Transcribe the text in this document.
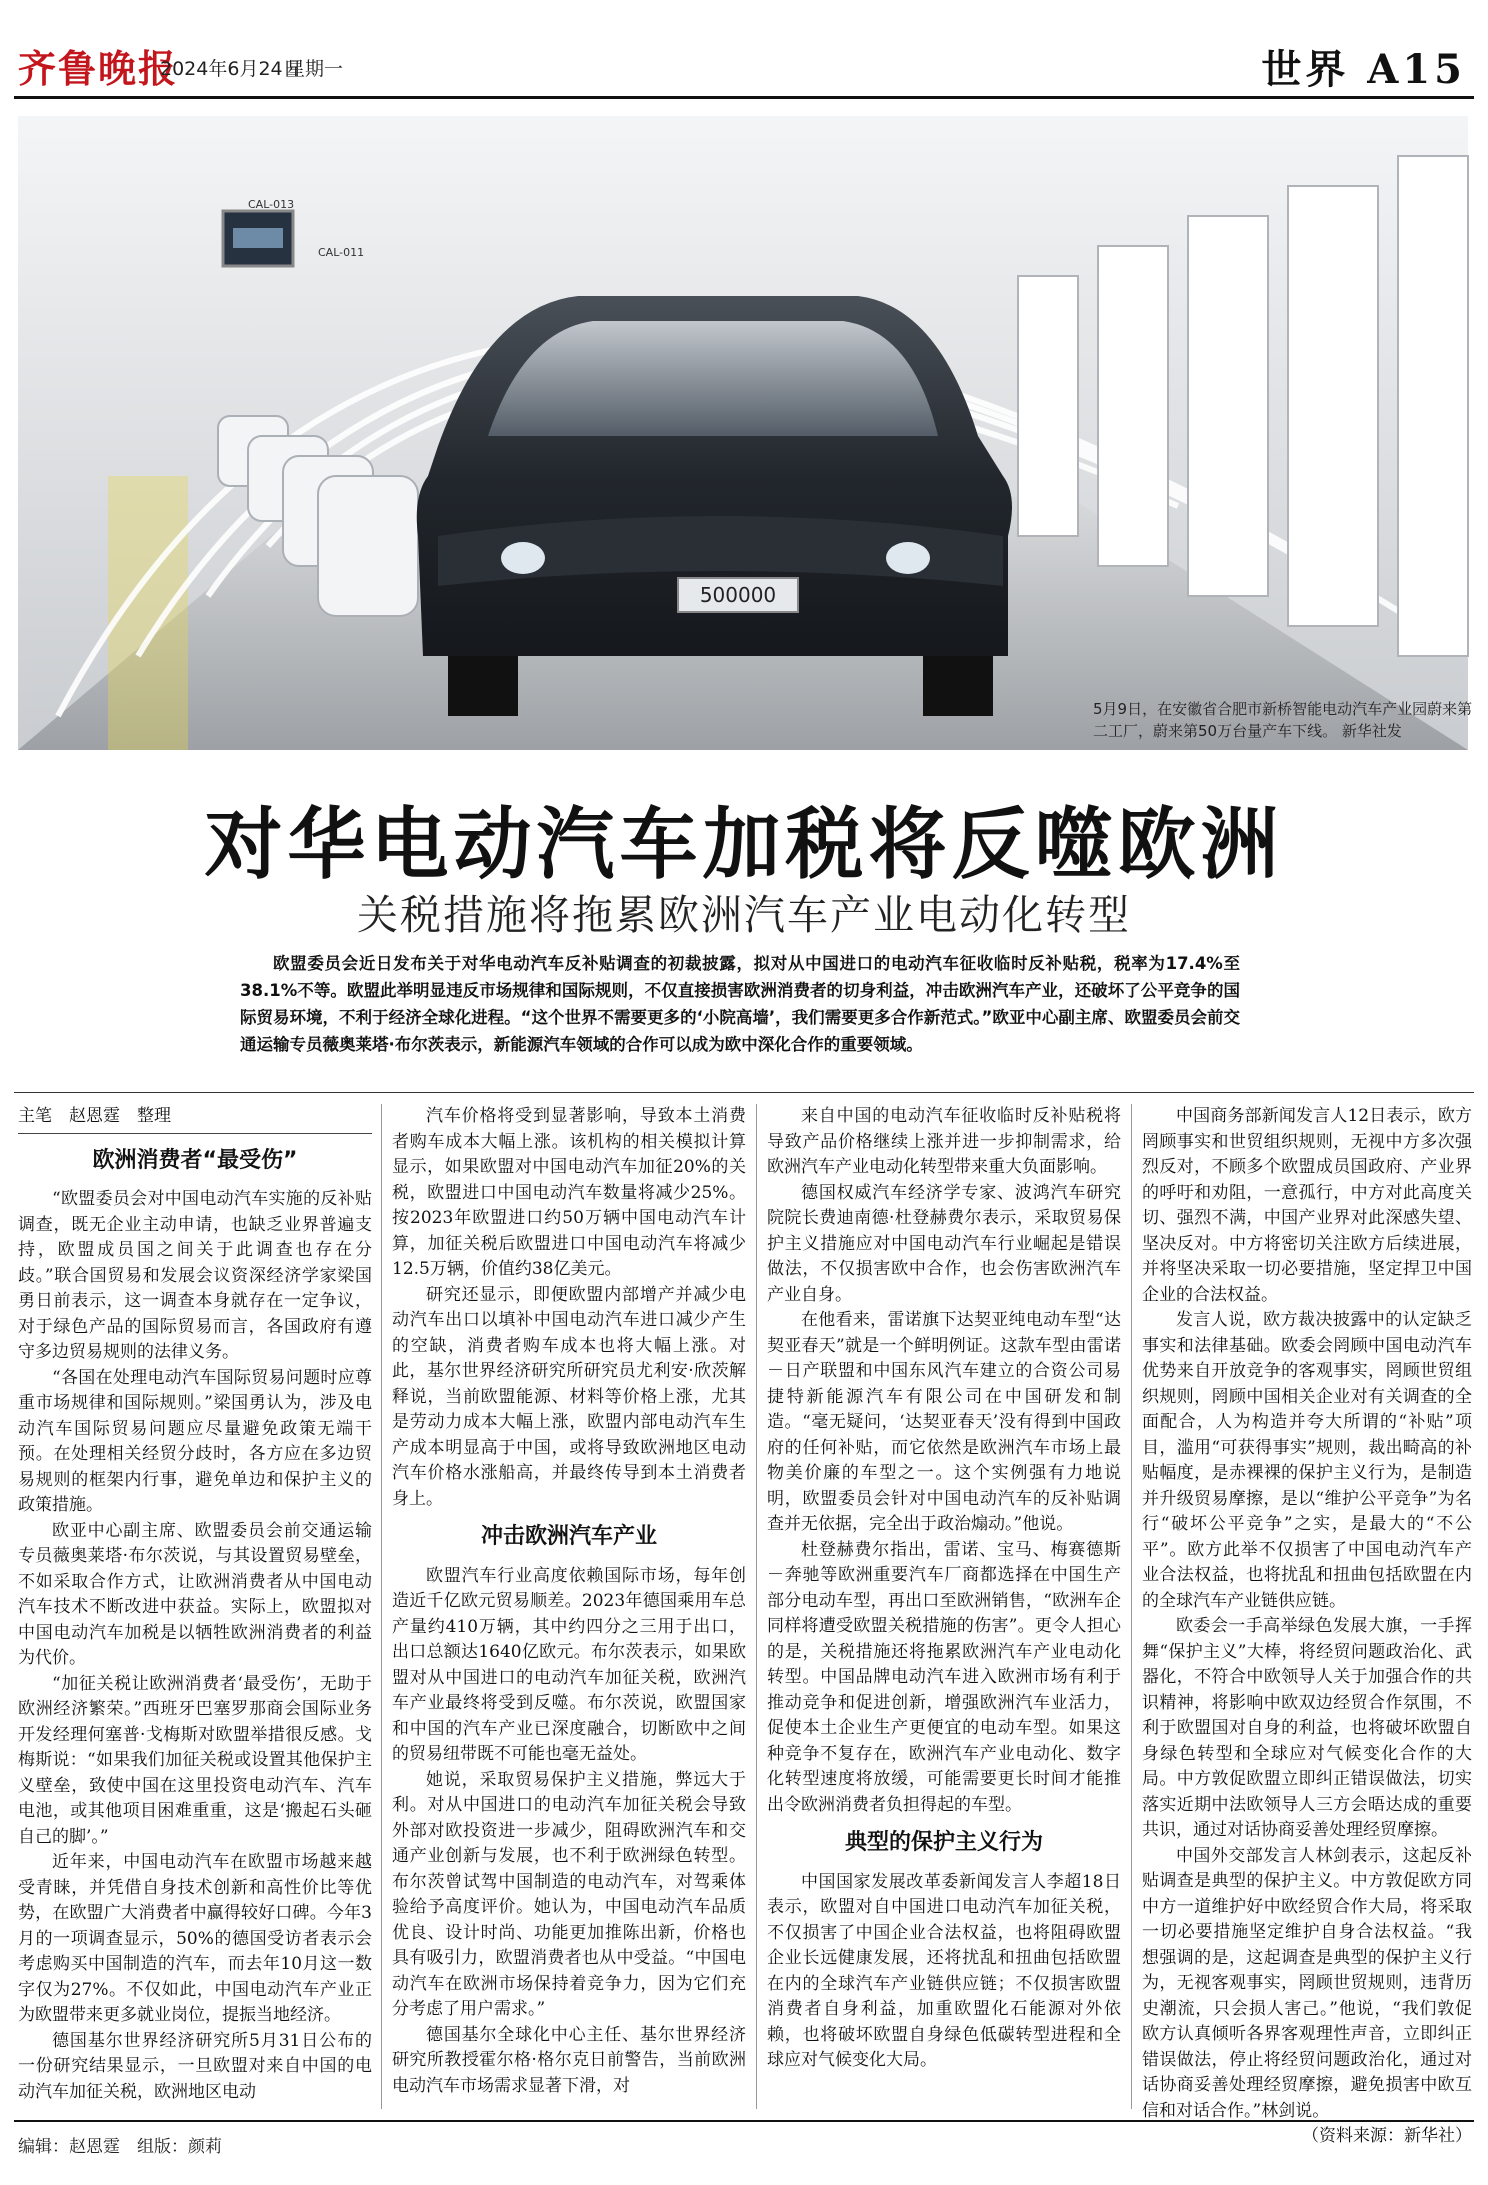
齐鲁晚报
2024年6月24日
星期一	世界 A15
CAL-013
CAL-011
500000
5月9日，在安徽省合肥市新桥智能电动汽车产业园蔚来第二工厂，蔚来第50万台量产车下线。 新华社发
对华电动汽车加税将反噬欧洲
关税措施将拖累欧洲汽车产业电动化转型
欧盟委员会近日发布关于对华电动汽车反补贴调查的初裁披露，拟对从中国进口的电动汽车征收临时反补贴税，税率为17.4%至38.1%不等。欧盟此举明显违反市场规律和国际规则，不仅直接损害欧洲消费者的切身利益，冲击欧洲汽车产业，还破坏了公平竞争的国际贸易环境，不利于经济全球化进程。“这个世界不需要更多的‘小院高墙’，我们需要更多合作新范式。”欧亚中心副主席、欧盟委员会前交通运输专员薇奥莱塔·布尔茨表示，新能源汽车领域的合作可以成为欧中深化合作的重要领域。
主笔　赵恩霆　整理
欧洲消费者“最受伤”

“欧盟委员会对中国电动汽车实施的反补贴调查，既无企业主动申请，也缺乏业界普遍支持，欧盟成员国之间关于此调查也存在分歧。”联合国贸易和发展会议资深经济学家梁国勇日前表示，这一调查本身就存在一定争议，对于绿色产品的国际贸易而言，各国政府有遵守多边贸易规则的法律义务。

“各国在处理电动汽车国际贸易问题时应尊重市场规律和国际规则。”梁国勇认为，涉及电动汽车国际贸易问题应尽量避免政策无端干预。在处理相关经贸分歧时，各方应在多边贸易规则的框架内行事，避免单边和保护主义的政策措施。

欧亚中心副主席、欧盟委员会前交通运输专员薇奥莱塔·布尔茨说，与其设置贸易壁垒，不如采取合作方式，让欧洲消费者从中国电动汽车技术不断改进中获益。实际上，欧盟拟对中国电动汽车加税是以牺牲欧洲消费者的利益为代价。

“加征关税让欧洲消费者‘最受伤’，无助于欧洲经济繁荣。”西班牙巴塞罗那商会国际业务开发经理何塞普·戈梅斯对欧盟举措很反感。戈梅斯说：“如果我们加征关税或设置其他保护主义壁垒，致使中国在这里投资电动汽车、汽车电池，或其他项目困难重重，这是‘搬起石头砸自己的脚’。”

近年来，中国电动汽车在欧盟市场越来越受青睐，并凭借自身技术创新和高性价比等优势，在欧盟广大消费者中赢得较好口碑。今年3月的一项调查显示，50%的德国受访者表示会考虑购买中国制造的汽车，而去年10月这一数字仅为27%。不仅如此，中国电动汽车产业正为欧盟带来更多就业岗位，提振当地经济。

德国基尔世界经济研究所5月31日公布的一份研究结果显示，一旦欧盟对来自中国的电动汽车加征关税，欧洲地区电动

汽车价格将受到显著影响，导致本土消费者购车成本大幅上涨。该机构的相关模拟计算显示，如果欧盟对中国电动汽车加征20%的关税，欧盟进口中国电动汽车数量将减少25%。按2023年欧盟进口约50万辆中国电动汽车计算，加征关税后欧盟进口中国电动汽车将减少12.5万辆，价值约38亿美元。

研究还显示，即便欧盟内部增产并减少电动汽车出口以填补中国电动汽车进口减少产生的空缺，消费者购车成本也将大幅上涨。对此，基尔世界经济研究所研究员尤利安·欣茨解释说，当前欧盟能源、材料等价格上涨，尤其是劳动力成本大幅上涨，欧盟内部电动汽车生产成本明显高于中国，或将导致欧洲地区电动汽车价格水涨船高，并最终传导到本土消费者身上。

冲击欧洲汽车产业

欧盟汽车行业高度依赖国际市场，每年创造近千亿欧元贸易顺差。2023年德国乘用车总产量约410万辆，其中约四分之三用于出口，出口总额达1640亿欧元。布尔茨表示，如果欧盟对从中国进口的电动汽车加征关税，欧洲汽车产业最终将受到反噬。布尔茨说，欧盟国家和中国的汽车产业已深度融合，切断欧中之间的贸易纽带既不可能也毫无益处。

她说，采取贸易保护主义措施，弊远大于利。对从中国进口的电动汽车加征关税会导致外部对欧投资进一步减少，阻碍欧洲汽车和交通产业创新与发展，也不利于欧洲绿色转型。布尔茨曾试驾中国制造的电动汽车，对驾乘体验给予高度评价。她认为，中国电动汽车品质优良、设计时尚、功能更加推陈出新，价格也具有吸引力，欧盟消费者也从中受益。“中国电动汽车在欧洲市场保持着竞争力，因为它们充分考虑了用户需求。”

德国基尔全球化中心主任、基尔世界经济研究所教授霍尔格·格尔克日前警告，当前欧洲电动汽车市场需求显著下滑，对

来自中国的电动汽车征收临时反补贴税将导致产品价格继续上涨并进一步抑制需求，给欧洲汽车产业电动化转型带来重大负面影响。

德国权威汽车经济学专家、波鸿汽车研究院院长费迪南德·杜登赫费尔表示，采取贸易保护主义措施应对中国电动汽车行业崛起是错误做法，不仅损害欧中合作，也会伤害欧洲汽车产业自身。

在他看来，雷诺旗下达契亚纯电动车型“达契亚春天”就是一个鲜明例证。这款车型由雷诺－日产联盟和中国东风汽车建立的合资公司易捷特新能源汽车有限公司在中国研发和制造。“毫无疑问，‘达契亚春天’没有得到中国政府的任何补贴，而它依然是欧洲汽车市场上最物美价廉的车型之一。这个实例强有力地说明，欧盟委员会针对中国电动汽车的反补贴调查并无依据，完全出于政治煽动。”他说。

杜登赫费尔指出，雷诺、宝马、梅赛德斯－奔驰等欧洲重要汽车厂商都选择在中国生产部分电动车型，再出口至欧洲销售，“欧洲车企同样将遭受欧盟关税措施的伤害”。更令人担心的是，关税措施还将拖累欧洲汽车产业电动化转型。中国品牌电动汽车进入欧洲市场有利于推动竞争和促进创新，增强欧洲汽车业活力，促使本土企业生产更便宜的电动车型。如果这种竞争不复存在，欧洲汽车产业电动化、数字化转型速度将放缓，可能需要更长时间才能推出令欧洲消费者负担得起的车型。

典型的保护主义行为

中国国家发展改革委新闻发言人李超18日表示，欧盟对自中国进口电动汽车加征关税，不仅损害了中国企业合法权益，也将阻碍欧盟企业长远健康发展，还将扰乱和扭曲包括欧盟在内的全球汽车产业链供应链；不仅损害欧盟消费者自身利益，加重欧盟化石能源对外依赖，也将破坏欧盟自身绿色低碳转型进程和全球应对气候变化大局。

中国商务部新闻发言人12日表示，欧方罔顾事实和世贸组织规则，无视中方多次强烈反对，不顾多个欧盟成员国政府、产业界的呼吁和劝阻，一意孤行，中方对此高度关切、强烈不满，中国产业界对此深感失望、坚决反对。中方将密切关注欧方后续进展，并将坚决采取一切必要措施，坚定捍卫中国企业的合法权益。

发言人说，欧方裁决披露中的认定缺乏事实和法律基础。欧委会罔顾中国电动汽车优势来自开放竞争的客观事实，罔顾世贸组织规则，罔顾中国相关企业对有关调查的全面配合，人为构造并夸大所谓的“补贴”项目，滥用“可获得事实”规则，裁出畸高的补贴幅度，是赤裸裸的保护主义行为，是制造并升级贸易摩擦，是以“维护公平竞争”为名行“破坏公平竞争”之实，是最大的“不公平”。欧方此举不仅损害了中国电动汽车产业合法权益，也将扰乱和扭曲包括欧盟在内的全球汽车产业链供应链。

欧委会一手高举绿色发展大旗，一手挥舞“保护主义”大棒，将经贸问题政治化、武器化，不符合中欧领导人关于加强合作的共识精神，将影响中欧双边经贸合作氛围，不利于欧盟国对自身的利益，也将破坏欧盟自身绿色转型和全球应对气候变化合作的大局。中方敦促欧盟立即纠正错误做法，切实落实近期中法欧领导人三方会晤达成的重要共识，通过对话协商妥善处理经贸摩擦。

中国外交部发言人林剑表示，这起反补贴调查是典型的保护主义。中方敦促欧方同中方一道维护好中欧经贸合作大局，将采取一切必要措施坚定维护自身合法权益。“我想强调的是，这起调查是典型的保护主义行为，无视客观事实，罔顾世贸规则，违背历史潮流，只会损人害己。”他说，“我们敦促欧方认真倾听各界客观理性声音，立即纠正错误做法，停止将经贸问题政治化，通过对话协商妥善处理经贸摩擦，避免损害中欧互信和对话合作。”林剑说。

（资料来源：新华社）
编辑：赵恩霆　组版：颜莉
